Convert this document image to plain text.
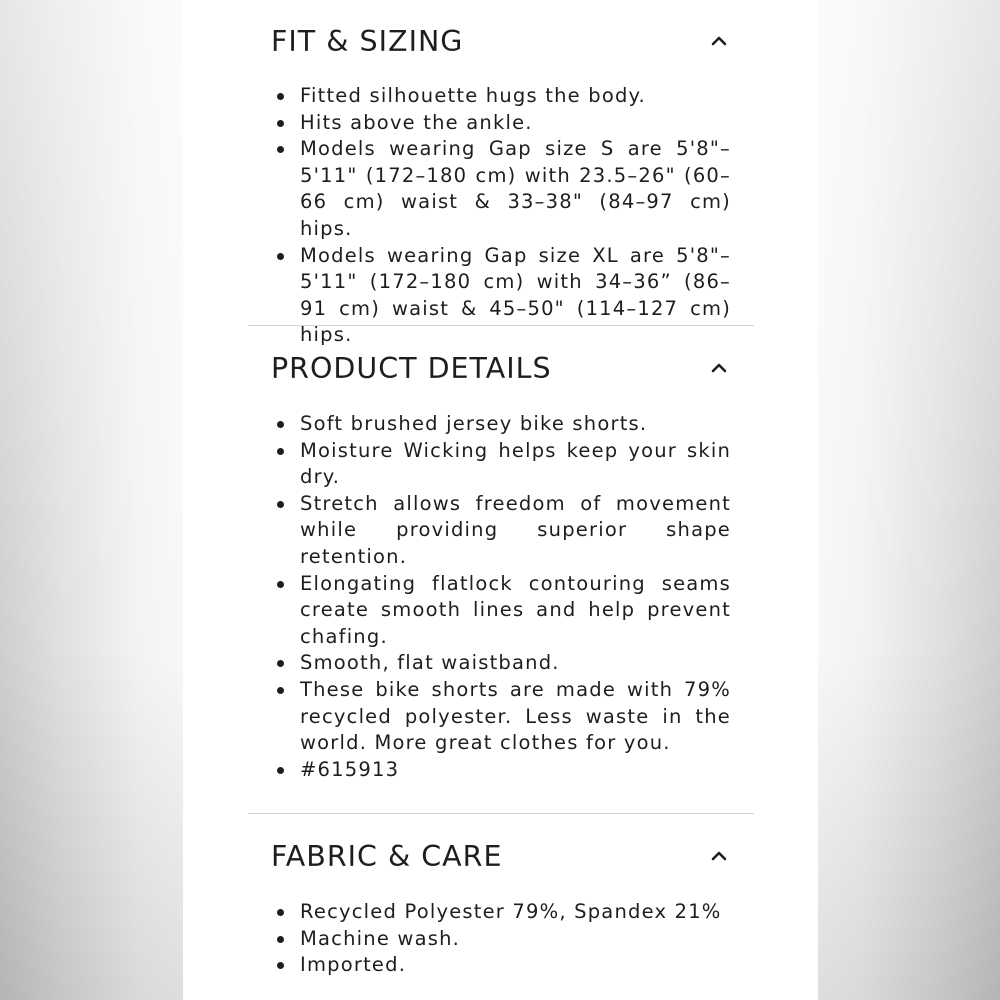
FIT & SIZING
Fitted silhouette hugs the body.
Hits above the ankle.
Models wearing Gap size S are 5'8"–5'11" (172–180 cm) with 23.5–26" (60–66 cm) waist & 33–38" (84–97 cm) hips.
Models wearing Gap size XL are 5'8"–5'11" (172–180 cm) with 34–36” (86–91 cm) waist & 45–50" (114–127 cm) hips.
PRODUCT DETAILS
Soft brushed jersey bike shorts.
Moisture Wicking helps keep your skin dry.
Stretch allows freedom of movement while providing superior shape retention.
Elongating flatlock contouring seams create smooth lines and help prevent chafing.
Smooth, flat waistband.
These bike shorts are made with 79% recycled polyester. Less waste in the world. More great clothes for you.
#615913
FABRIC & CARE
Recycled Polyester 79%, Spandex 21%
Machine wash.
Imported.
